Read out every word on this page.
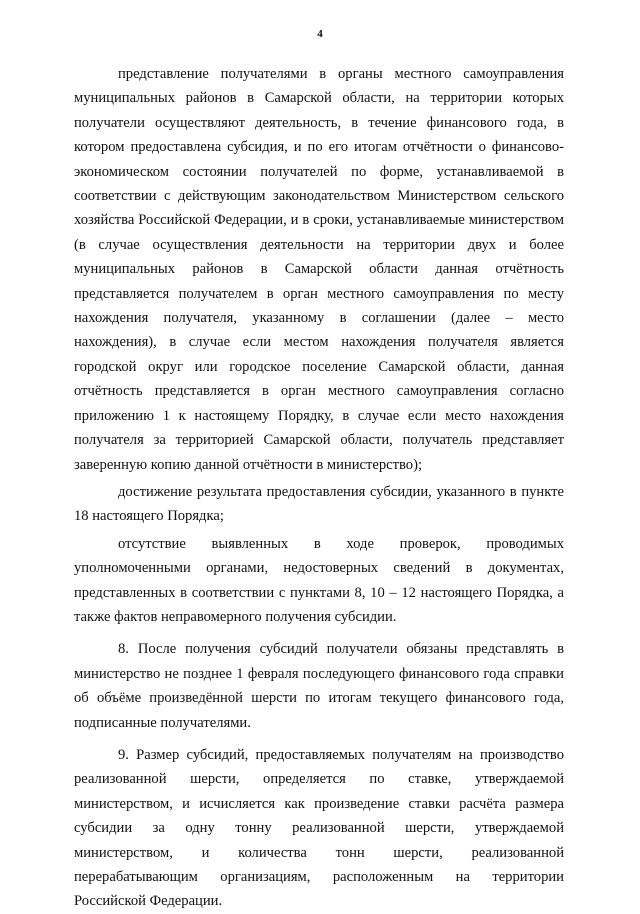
4

представление получателями в органы местного самоуправления муниципальных районов в Самарской области, на территории которых получатели осуществляют деятельность, в течение финансового года, в котором предоставлена субсидия, и по его итогам отчётности о финансово-экономическом состоянии получателей по форме, устанавливаемой в соответствии с действующим законодательством Министерством сельского хозяйства Российской Федерации, и в сроки, устанавливаемые министерством (в случае осуществления деятельности на территории двух и более муниципальных районов в Самарской области данная отчётность представляется получателем в орган местного самоуправления по месту нахождения получателя, указанному в соглашении (далее – место нахождения), в случае если местом нахождения получателя является городской округ или городское поселение Самарской области, данная отчётность представляется в орган местного самоуправления согласно приложению 1 к настоящему Порядку, в случае если место нахождения получателя за территорией Самарской области, получатель представляет заверенную копию данной отчётности в министерство);

достижение результата предоставления субсидии, указанного в пункте 18 настоящего Порядка;

отсутствие выявленных в ходе проверок, проводимых уполномоченными органами, недостоверных сведений в документах, представленных в соответствии с пунктами 8, 10 – 12 настоящего Порядка, а также фактов неправомерного получения субсидии.

8. После получения субсидий получатели обязаны представлять в министерство не позднее 1 февраля последующего финансового года справки об объёме произведённой шерсти по итогам текущего финансового года, подписанные получателями.

9. Размер субсидий, предоставляемых получателям на производство реализованной шерсти, определяется по ставке, утверждаемой министерством, и исчисляется как произведение ставки расчёта размера субсидии за одну тонну реализованной шерсти, утверждаемой министерством, и количества тонн шерсти, реализованной перерабатывающим организациям, расположенным на территории Российской Федерации.
